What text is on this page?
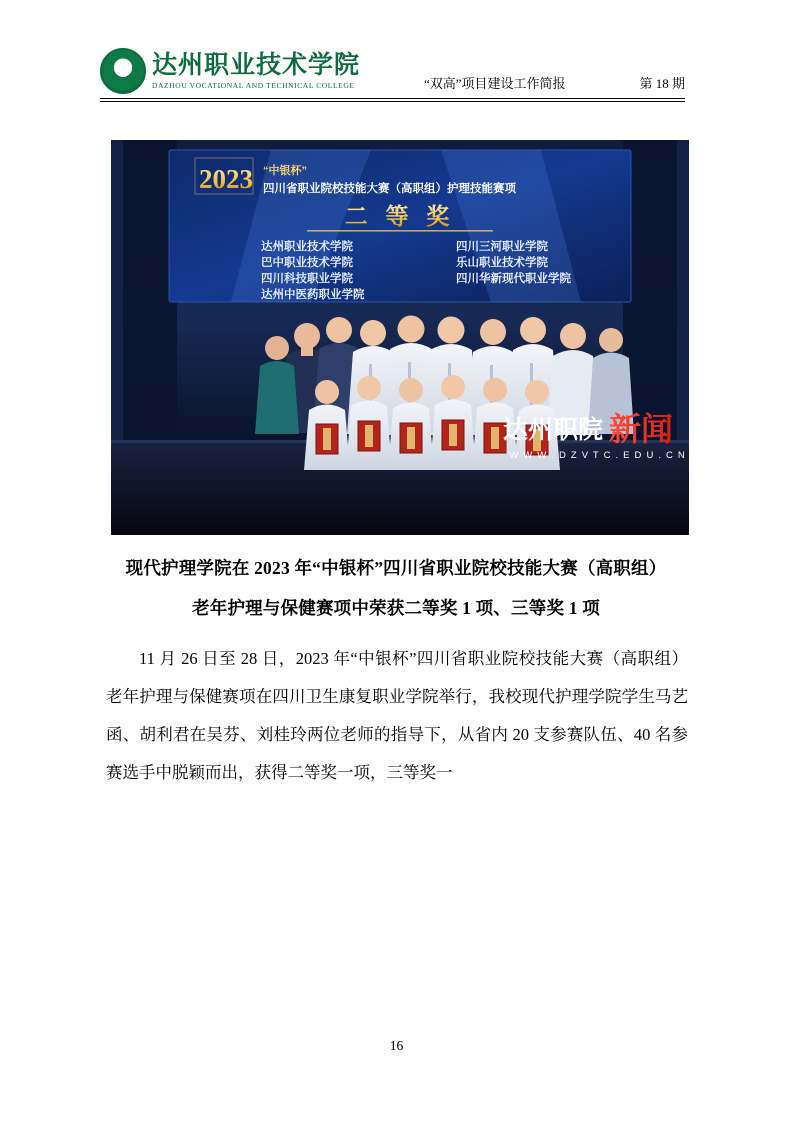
达州职业技术学院
DAZHOU VOCATIONAL AND TECHNICAL COLLEGE	“双高”项目建设工作简报	第 18 期
2023 “中银杯”
四川省职业院校技能大赛（高职组）护理技能赛项
二 等 奖
达州职业技术学院
巴中职业技术学院
四川科技职业学院
达州中医药职业学院
四川三河职业学院
乐山职业技术学院
四川华新现代职业学院
达州职院 新闻
W W W . D Z V T C . E D U . C N
现代护理学院在 2023 年“中银杯”四川省职业院校技能大赛（高职组）
老年护理与保健赛项中荣获二等奖 1 项、三等奖 1 项
11 月 26 日至 28 日，2023 年“中银杯”四川省职业院校技能大赛（高职组）老年护理与保健赛项在四川卫生康复职业学院举行，我校现代护理学院学生马艺函、胡利君在吴芬、刘桂玲两位老师的指导下，从省内 20 支参赛队伍、40 名参赛选手中脱颖而出，获得二等奖一项，三等奖一
16
